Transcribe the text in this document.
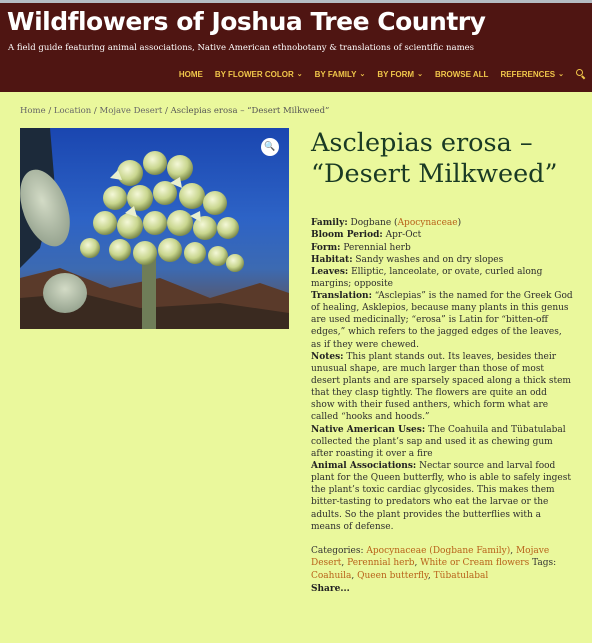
Wildflowers of Joshua Tree Country
A field guide featuring animal associations, Native American ethnobotany & translations of scientific names
HOME BY FLOWER COLOR ⌄ BY FAMILY ⌄ BY FORM ⌄ BROWSE ALL REFERENCES ⌄
Home / Location / Mojave Desert / Asclepias erosa – “Desert Milkweed”
🔍 Asclepias erosa – “Desert Milkweed”
Family: Dogbane (Apocynaceae)
Bloom Period: Apr-Oct
Form: Perennial herb
Habitat: Sandy washes and on dry slopes
Leaves: Elliptic, lanceolate, or ovate, curled along margins; opposite
Translation: “Asclepias” is the named for the Greek God of healing, Asklepios, because many plants in this genus are used medicinally; “erosa” is Latin for “bitten-off edges,” which refers to the jagged edges of the leaves, as if they were chewed.
Notes: This plant stands out. Its leaves, besides their unusual shape, are much larger than those of most desert plants and are sparsely spaced along a thick stem that they clasp tightly. The flowers are quite an odd show with their fused anthers, which form what are called “hooks and hoods.”
Native American Uses: The Coahuila and Tübatulabal collected the plant’s sap and used it as chewing gum after roasting it over a fire
Animal Associations: Nectar source and larval food plant for the Queen butterfly, who is able to safely ingest the plant’s toxic cardiac glycosides. This makes them bitter-tasting to predators who eat the larvae or the adults. So the plant provides the butterflies with a means of defense.
Categories: Apocynaceae (Dogbane Family), Mojave Desert, Perennial herb, White or Cream flowers Tags: Coahuila, Queen butterfly, Tübatulabal
Share...
